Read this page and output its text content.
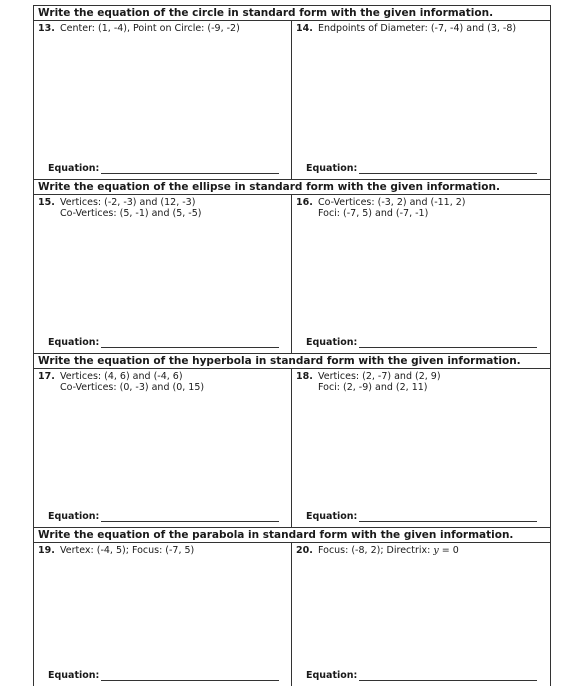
Write the equation of the circle in standard form with the given information.
13. Center: (1, -4), Point on Circle: (-9, -2)
Equation:
14. Endpoints of Diameter: (-7, -4) and (3, -8)
Equation:
Write the equation of the ellipse in standard form with the given information.
15. Vertices: (-2, -3) and (12, -3)
Co-Vertices: (5, -1) and (5, -5)
Equation:
16. Co-Vertices: (-3, 2) and (-11, 2)
Foci: (-7, 5) and (-7, -1)
Equation:
Write the equation of the hyperbola in standard form with the given information.
17. Vertices: (4, 6) and (-4, 6)
Co-Vertices: (0, -3) and (0, 15)
Equation:
18. Vertices: (2, -7) and (2, 9)
Foci: (2, -9) and (2, 11)
Equation:
Write the equation of the parabola in standard form with the given information.
19. Vertex: (-4, 5); Focus: (-7, 5)
Equation:
20. Focus: (-8, 2); Directrix: y = 0
Equation:
